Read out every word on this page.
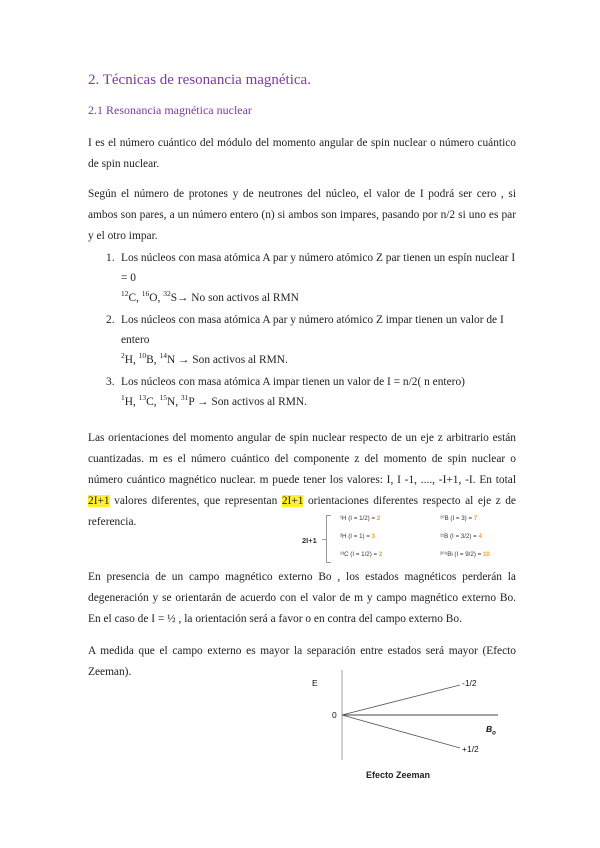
2. Técnicas de resonancia magnética.
2.1 Resonancia magnética nuclear
I es el número cuántico del módulo del momento angular de spin nuclear o número cuántico de spin nuclear.
Según el número de protones y de neutrones del núcleo, el valor de I podrá ser cero , si ambos son pares, a un número entero (n) si ambos son impares, pasando por n/2 si uno es par y el otro impar.
1. Los núcleos con masa atómica A par y número atómico Z par tienen un espín nuclear I = 0
$^{12}$C, $^{16}$O, $^{32}$S→ No son activos al RMN
2. Los núcleos con masa atómica A par y número atómico Z impar tienen un valor de I entero
$^2$H, $^{10}$B, $^{14}$N → Son activos al RMN.
3. Los núcleos con masa atómica A impar tienen un valor de I = n/2( n entero)
$^1$H, $^{13}$C, $^{15}$N, $^{31}$P → Son activos al RMN.
Las orientaciones del momento angular de spin nuclear respecto de un eje z arbitrario están cuantizadas. m es el número cuántico del componente z del momento de spin nuclear o número cuántico magnético nuclear. m puede tener los valores: I, I -1, ...., -I+1, -I. En total 2I+1 valores diferentes, que representan 2I+1 orientaciones diferentes respecto al eje z de referencia.
2I+1
¹H (I = 1/2) = 2	¹⁰B (I = 3) = 7
²H (I = 1) = 3	¹¹B (I = 3/2) = 4
¹³C (I = 1/2) = 2	²⁰⁹Bi (I = 9/2) = 10
En presencia de un campo magnético externo Bo , los estados magnéticos perderán la degeneración y se orientarán de acuerdo con el valor de m y campo magnético externo Bo. En el caso de I = ½ , la orientación será a favor o en contra del campo externo Bo.
A medida que el campo externo es mayor la separación entre estados será mayor (Efecto Zeeman).
E
0
-1/2
+1/2
$B_o$
Efecto Zeeman
